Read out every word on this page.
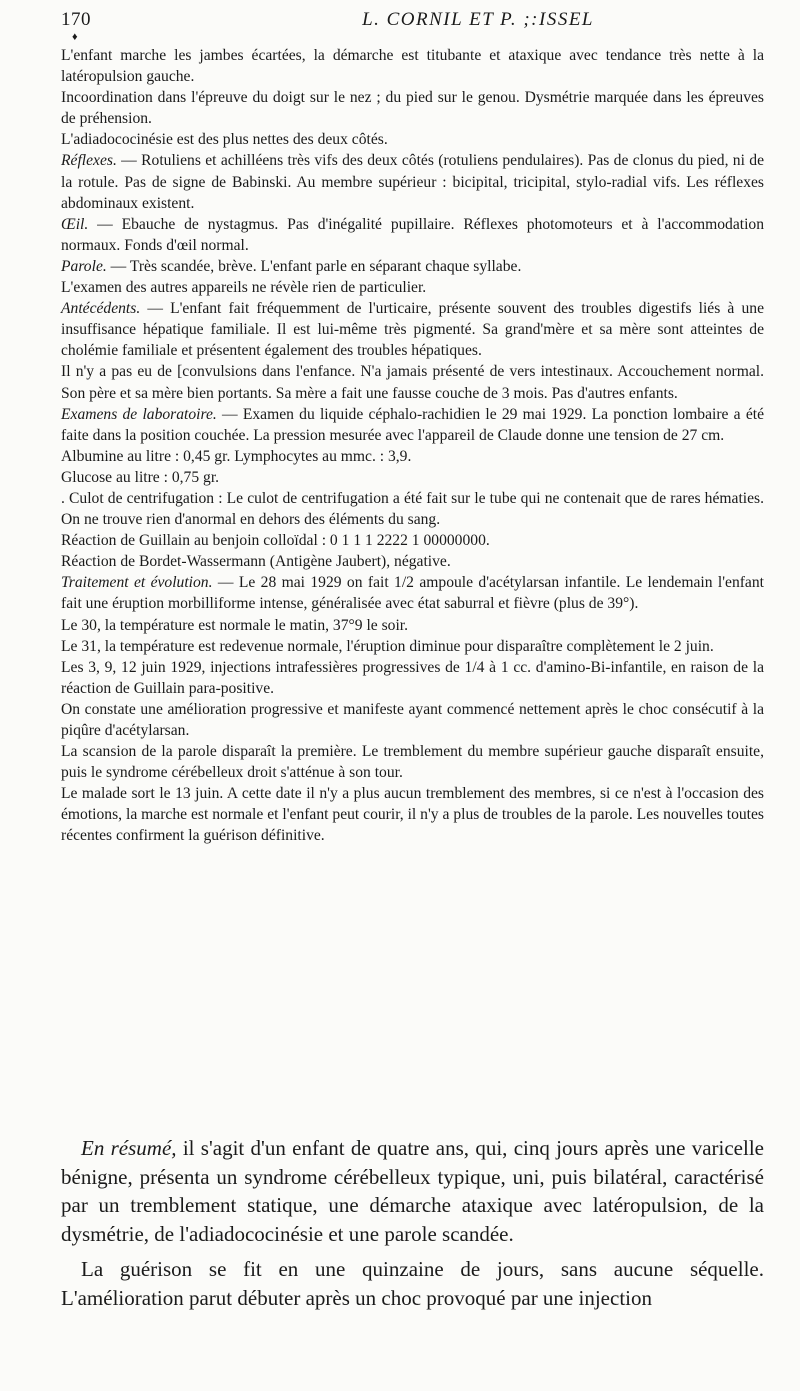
170	L. CORNIL ET P. ;:ISSEL
♦

L'enfant marche les jambes écartées, la démarche est titubante et ataxique avec tendance très nette à la latéropulsion gauche.

Incoordination dans l'épreuve du doigt sur le nez ; du pied sur le genou. Dysmétrie marquée dans les épreuves de préhension.

L'adiadococinésie est des plus nettes des deux côtés.

Réflexes. — Rotuliens et achilléens très vifs des deux côtés (rotuliens pendulaires). Pas de clonus du pied, ni de la rotule. Pas de signe de Babinski. Au membre supérieur : bicipital, tricipital, stylo-radial vifs. Les réflexes abdominaux existent.

Œil. — Ebauche de nystagmus. Pas d'inégalité pupillaire. Réflexes photomoteurs et à l'accommodation normaux. Fonds d'œil normal.

Parole. — Très scandée, brève. L'enfant parle en séparant chaque syllabe.

L'examen des autres appareils ne révèle rien de particulier.

Antécédents. — L'enfant fait fréquemment de l'urticaire, présente souvent des troubles digestifs liés à une insuffisance hépatique familiale. Il est lui-même très pigmenté. Sa grand'mère et sa mère sont atteintes de cholémie familiale et présentent également des troubles hépatiques.

Il n'y a pas eu de [convulsions dans l'enfance. N'a jamais présenté de vers intestinaux. Accouchement normal. Son père et sa mère bien portants. Sa mère a fait une fausse couche de 3 mois. Pas d'autres enfants.

Examens de laboratoire. — Examen du liquide céphalo-rachidien le 29 mai 1929. La ponction lombaire a été faite dans la position couchée. La pression mesurée avec l'appareil de Claude donne une tension de 27 cm.

Albumine au litre : 0,45 gr. Lymphocytes au mmc. : 3,9.

Glucose au litre : 0,75 gr.

. Culot de centrifugation : Le culot de centrifugation a été fait sur le tube qui ne contenait que de rares hématies. On ne trouve rien d'anormal en dehors des éléments du sang.

Réaction de Guillain au benjoin colloïdal : 0 1 1 1 2222 1 00000000.

Réaction de Bordet-Wassermann (Antigène Jaubert), négative.

Traitement et évolution. — Le 28 mai 1929 on fait 1/2 ampoule d'acétylarsan infantile. Le lendemain l'enfant fait une éruption morbilliforme intense, généralisée avec état saburral et fièvre (plus de 39°).

Le 30, la température est normale le matin, 37°9 le soir.

Le 31, la température est redevenue normale, l'éruption diminue pour disparaître complètement le 2 juin.

Les 3, 9, 12 juin 1929, injections intrafessières progressives de 1/4 à 1 cc. d'amino-Bi-infantile, en raison de la réaction de Guillain para-positive.

On constate une amélioration progressive et manifeste ayant commencé nettement après le choc consécutif à la piqûre d'acétylarsan.

La scansion de la parole disparaît la première. Le tremblement du membre supérieur gauche disparaît ensuite, puis le syndrome cérébelleux droit s'atténue à son tour.

Le malade sort le 13 juin. A cette date il n'y a plus aucun tremblement des membres, si ce n'est à l'occasion des émotions, la marche est normale et l'enfant peut courir, il n'y a plus de troubles de la parole. Les nouvelles toutes récentes confirment la guérison définitive.

En résumé, il s'agit d'un enfant de quatre ans, qui, cinq jours après une varicelle bénigne, présenta un syndrome cérébelleux typique, uni, puis bilatéral, caractérisé par un tremblement statique, une démarche ataxique avec latéropulsion, de la dysmétrie, de l'adiadococinésie et une parole scandée.

La guérison se fit en une quinzaine de jours, sans aucune séquelle. L'amélioration parut débuter après un choc provoqué par une injection
